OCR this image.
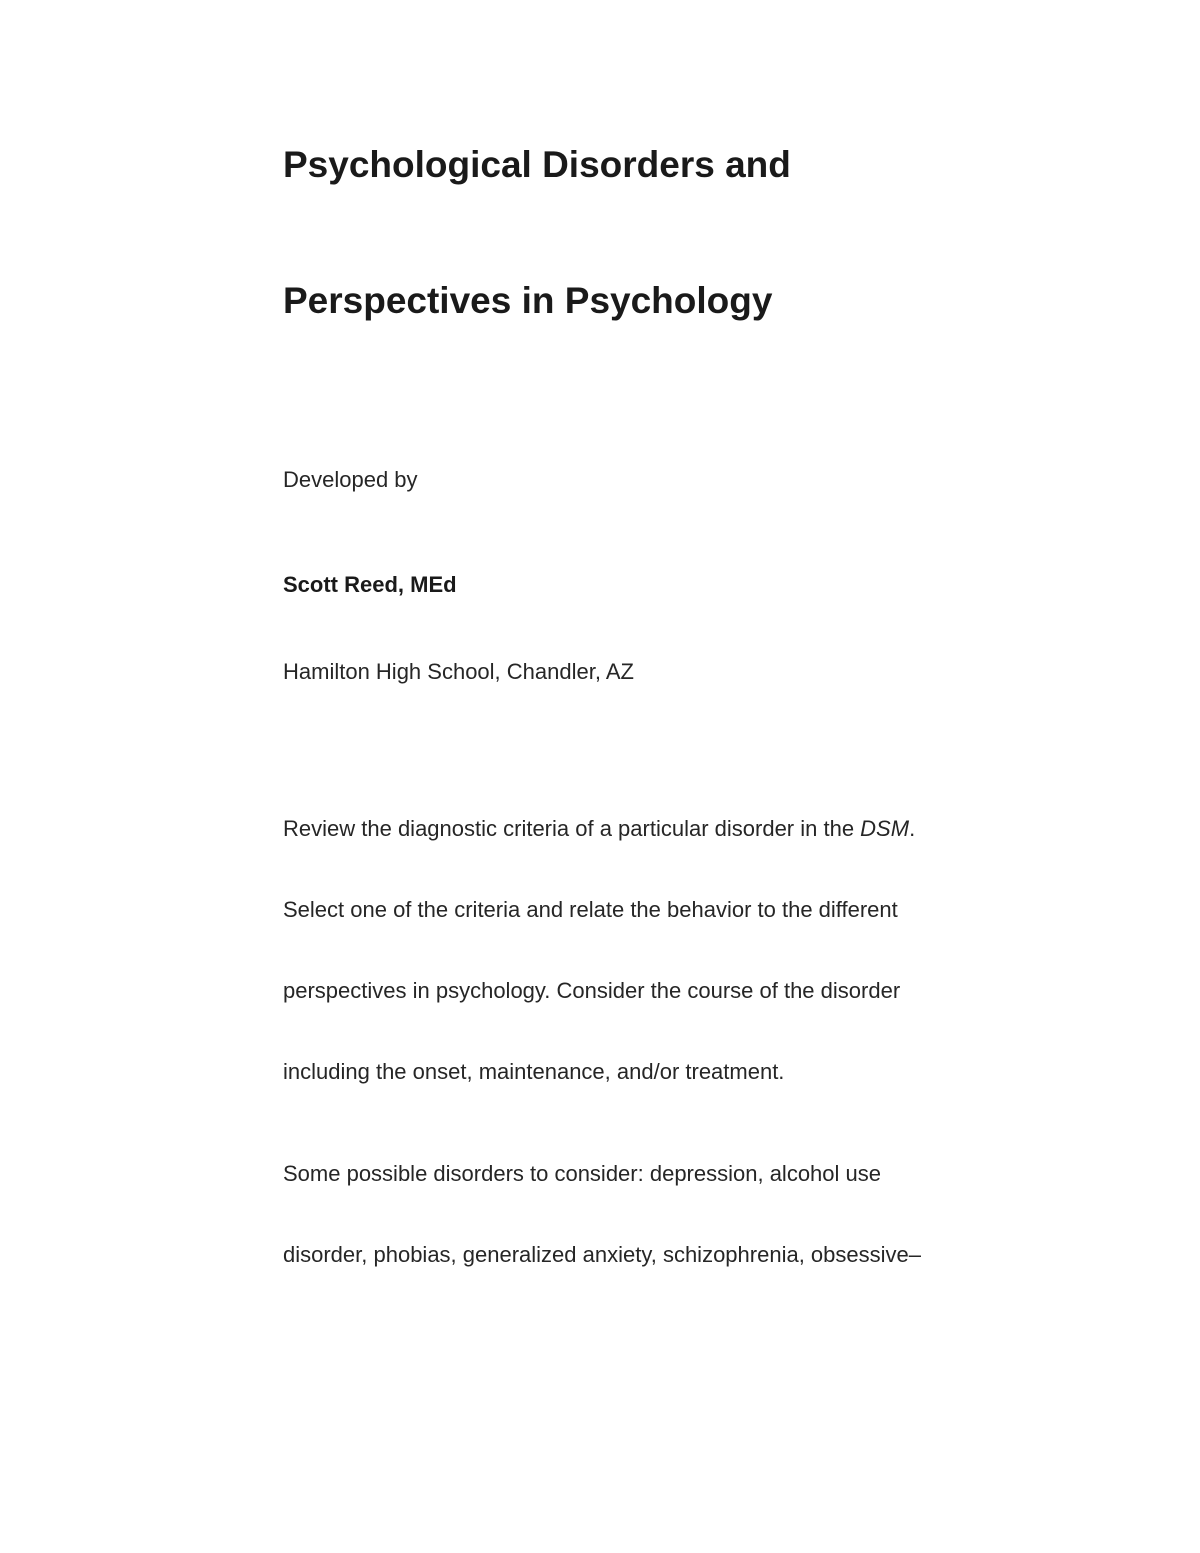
Psychological Disorders and
Perspectives in Psychology

Developed by

Scott Reed, MEd

Hamilton High School, Chandler, AZ

Review the diagnostic criteria of a particular disorder in the DSM.

Select one of the criteria and relate the behavior to the different

perspectives in psychology. Consider the course of the disorder

including the onset, maintenance, and/or treatment.

Some possible disorders to consider: depression, alcohol use

disorder, phobias, generalized anxiety, schizophrenia, obsessive–
